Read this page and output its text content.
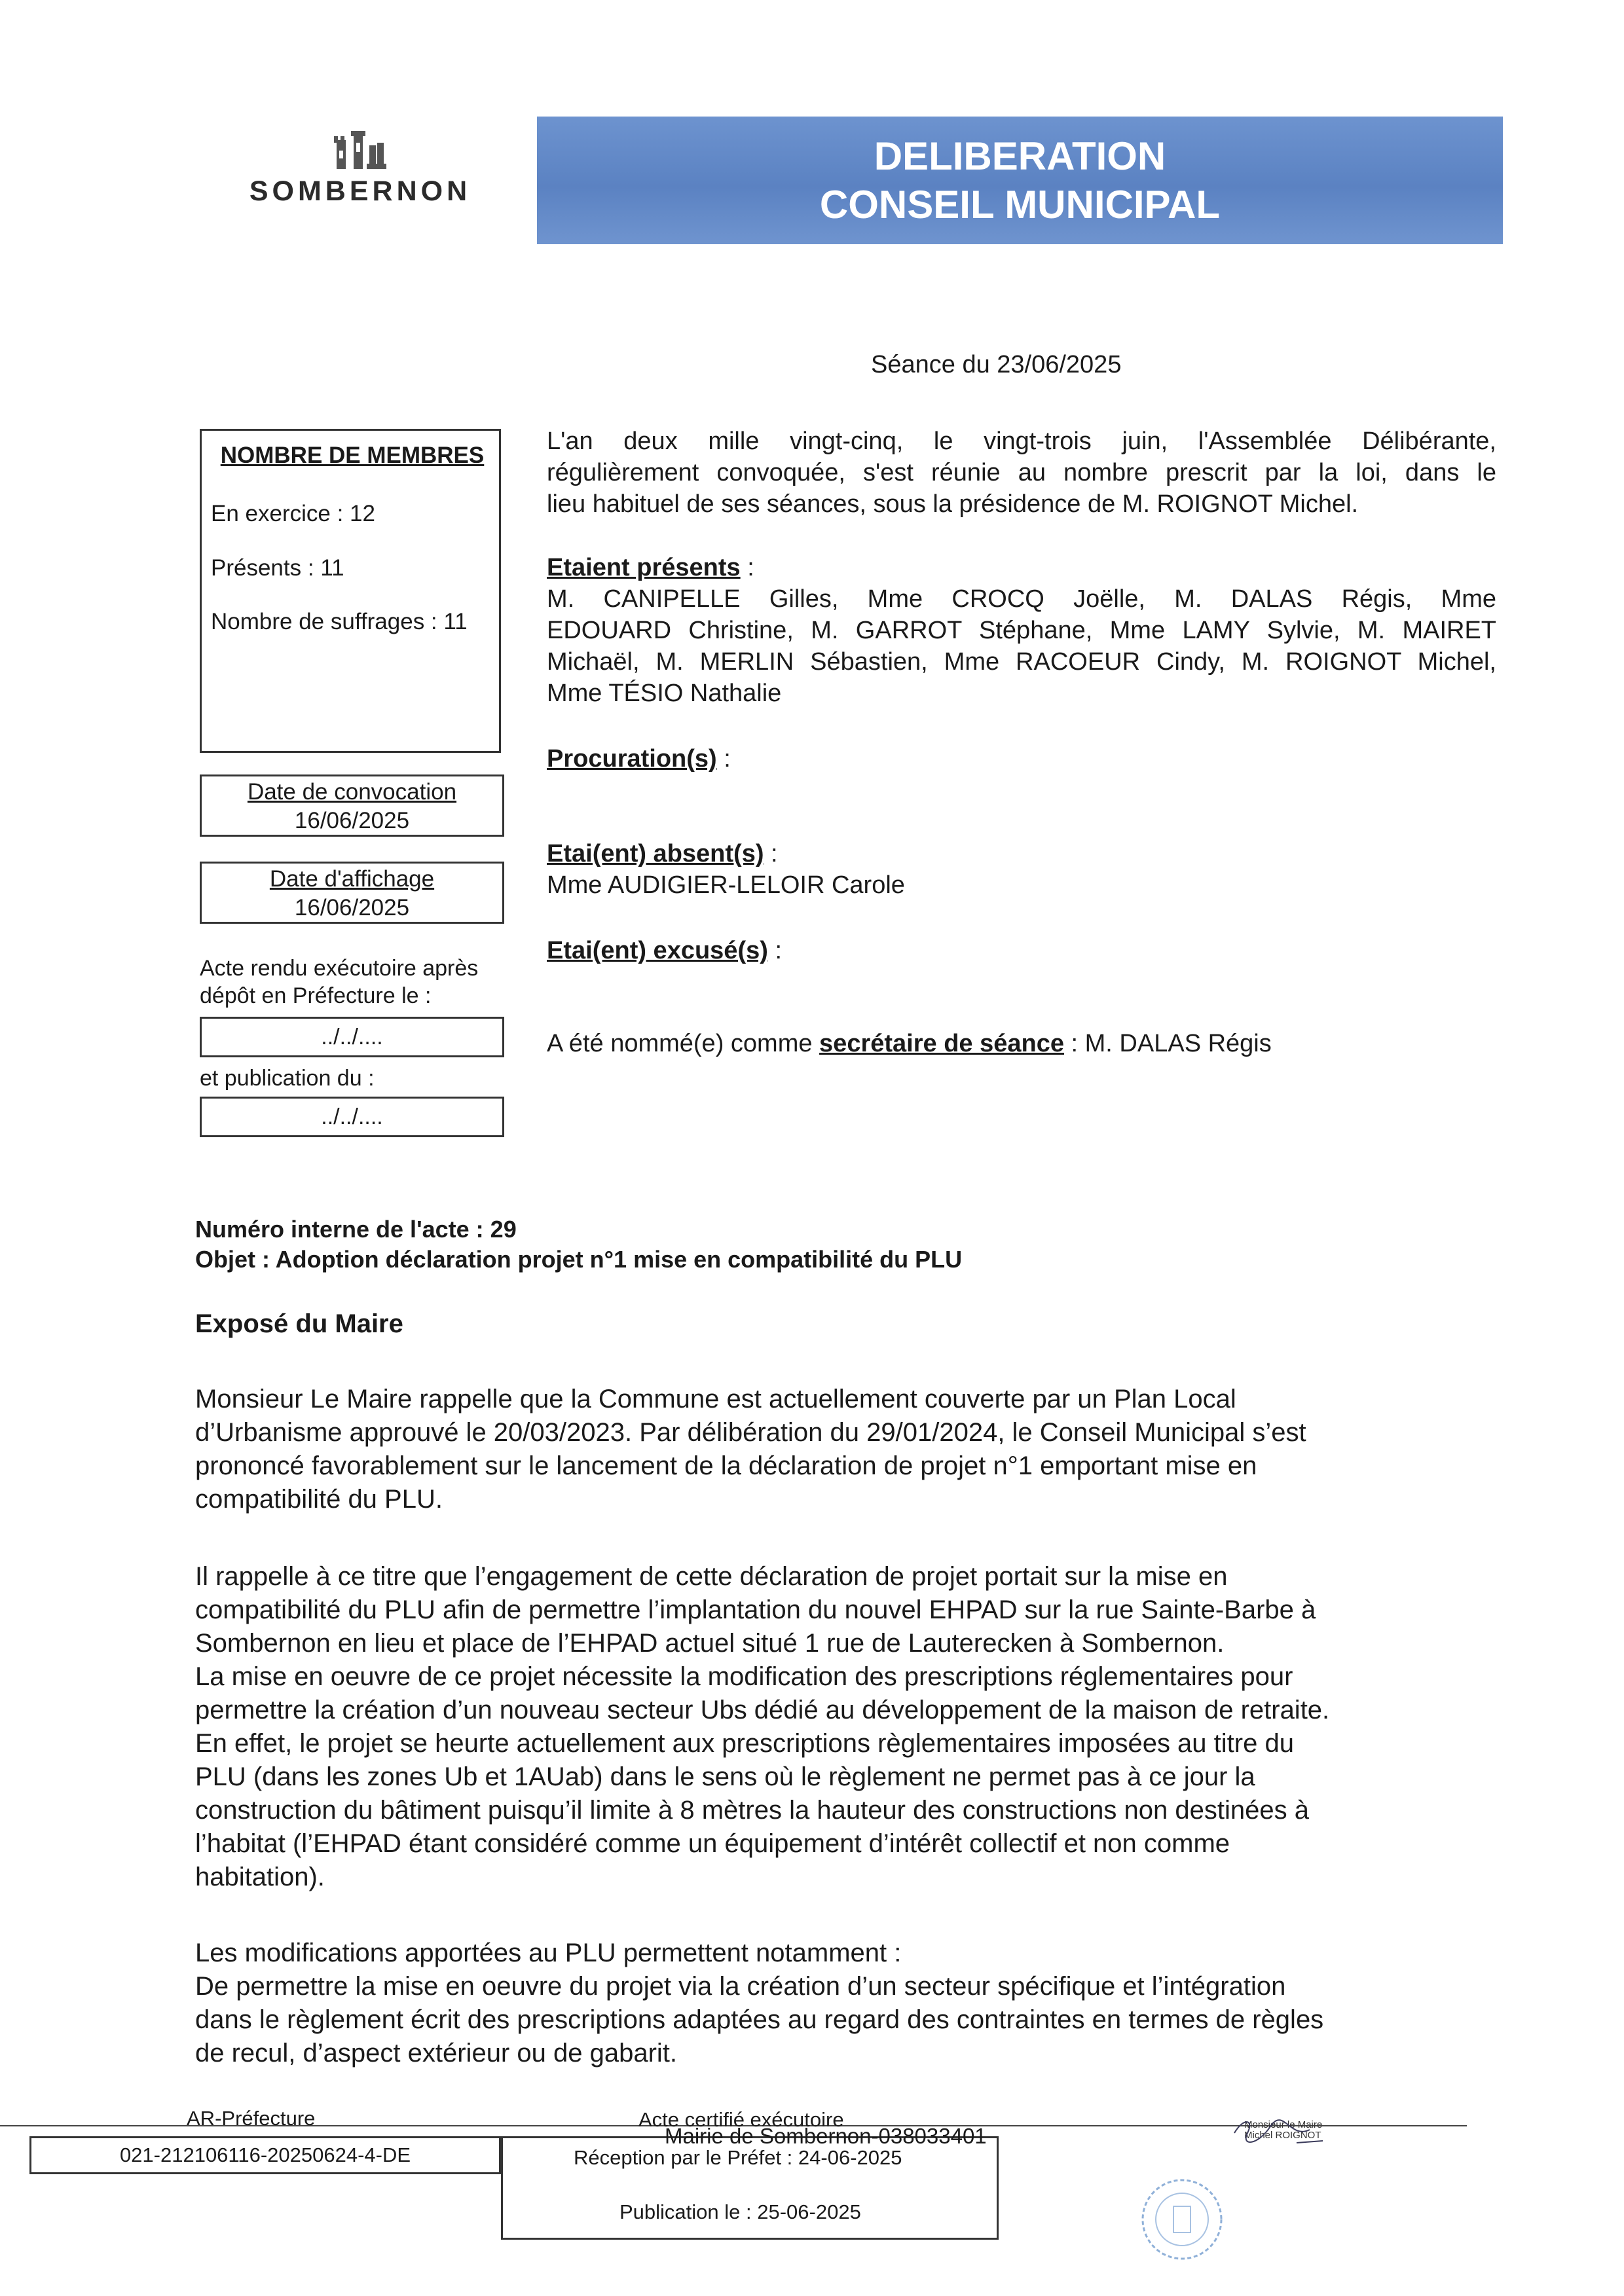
SOMBERNON
DELIBERATION
CONSEIL MUNICIPAL
Séance du 23/06/2025
NOMBRE DE MEMBRES
En exercice : 12
Présents : 11
Nombre de suffrages : 11
Date de convocation
16/06/2025
Date d'affichage
16/06/2025
Acte rendu exécutoire après
dépôt en Préfecture le :
../../....
et publication du :
../../....
L'an deux mille vingt-cinq, le vingt-trois juin, l'Assemblée Délibérante,
régulièrement convoquée, s'est réunie au nombre prescrit par la loi, dans le
lieu habituel de ses séances, sous la présidence de M. ROIGNOT Michel.
Etaient présents :
M. CANIPELLE Gilles, Mme CROCQ Joëlle, M. DALAS Régis, Mme
EDOUARD Christine, M. GARROT Stéphane, Mme LAMY Sylvie, M. MAIRET
Michaël, M. MERLIN Sébastien, Mme RACOEUR Cindy, M. ROIGNOT Michel,
Mme TÉSIO Nathalie
Procuration(s) :
Etai(ent) absent(s) :
Mme AUDIGIER-LELOIR Carole
Etai(ent) excusé(s) :
A été nommé(e) comme secrétaire de séance : M. DALAS Régis
Numéro interne de l'acte : 29
Objet : Adoption déclaration projet n°1 mise en compatibilité du PLU
Exposé du Maire
Monsieur Le Maire rappelle que la Commune est actuellement couverte par un Plan Local
d’Urbanisme approuvé le 20/03/2023. Par délibération du 29/01/2024, le Conseil Municipal s’est
prononcé favorablement sur le lancement de la déclaration de projet n°1 emportant mise en
compatibilité du PLU.
Il rappelle à ce titre que l’engagement de cette déclaration de projet portait sur la mise en
compatibilité du PLU afin de permettre l’implantation du nouvel EHPAD sur la rue Sainte-Barbe à
Sombernon en lieu et place de l’EHPAD actuel situé 1 rue de Lauterecken à Sombernon.
La mise en oeuvre de ce projet nécessite la modification des prescriptions réglementaires pour
permettre la création d’un nouveau secteur Ubs dédié au développement de la maison de retraite.
En effet, le projet se heurte actuellement aux prescriptions règlementaires imposées au titre du
PLU (dans les zones Ub et 1AUab) dans le sens où le règlement ne permet pas à ce jour la
construction du bâtiment puisqu’il limite à 8 mètres la hauteur des constructions non destinées à
l’habitat (l’EHPAD étant considéré comme un équipement d’intérêt collectif et non comme
habitation).
Les modifications apportées au PLU permettent notamment :
De permettre la mise en oeuvre du projet via la création d’un secteur spécifique et l’intégration
dans le règlement écrit des prescriptions adaptées au regard des contraintes en termes de règles
de recul, d’aspect extérieur ou de gabarit.
AR-Préfecture	Acte certifié exécutoire
021-212106116-20250624-4-DE	Réception par le Préfet : 24-06-2025
Publication le : 25-06-2025
Mairie de Sombernon-038033401	Monsieur le Maire
Michel ROIGNOT
